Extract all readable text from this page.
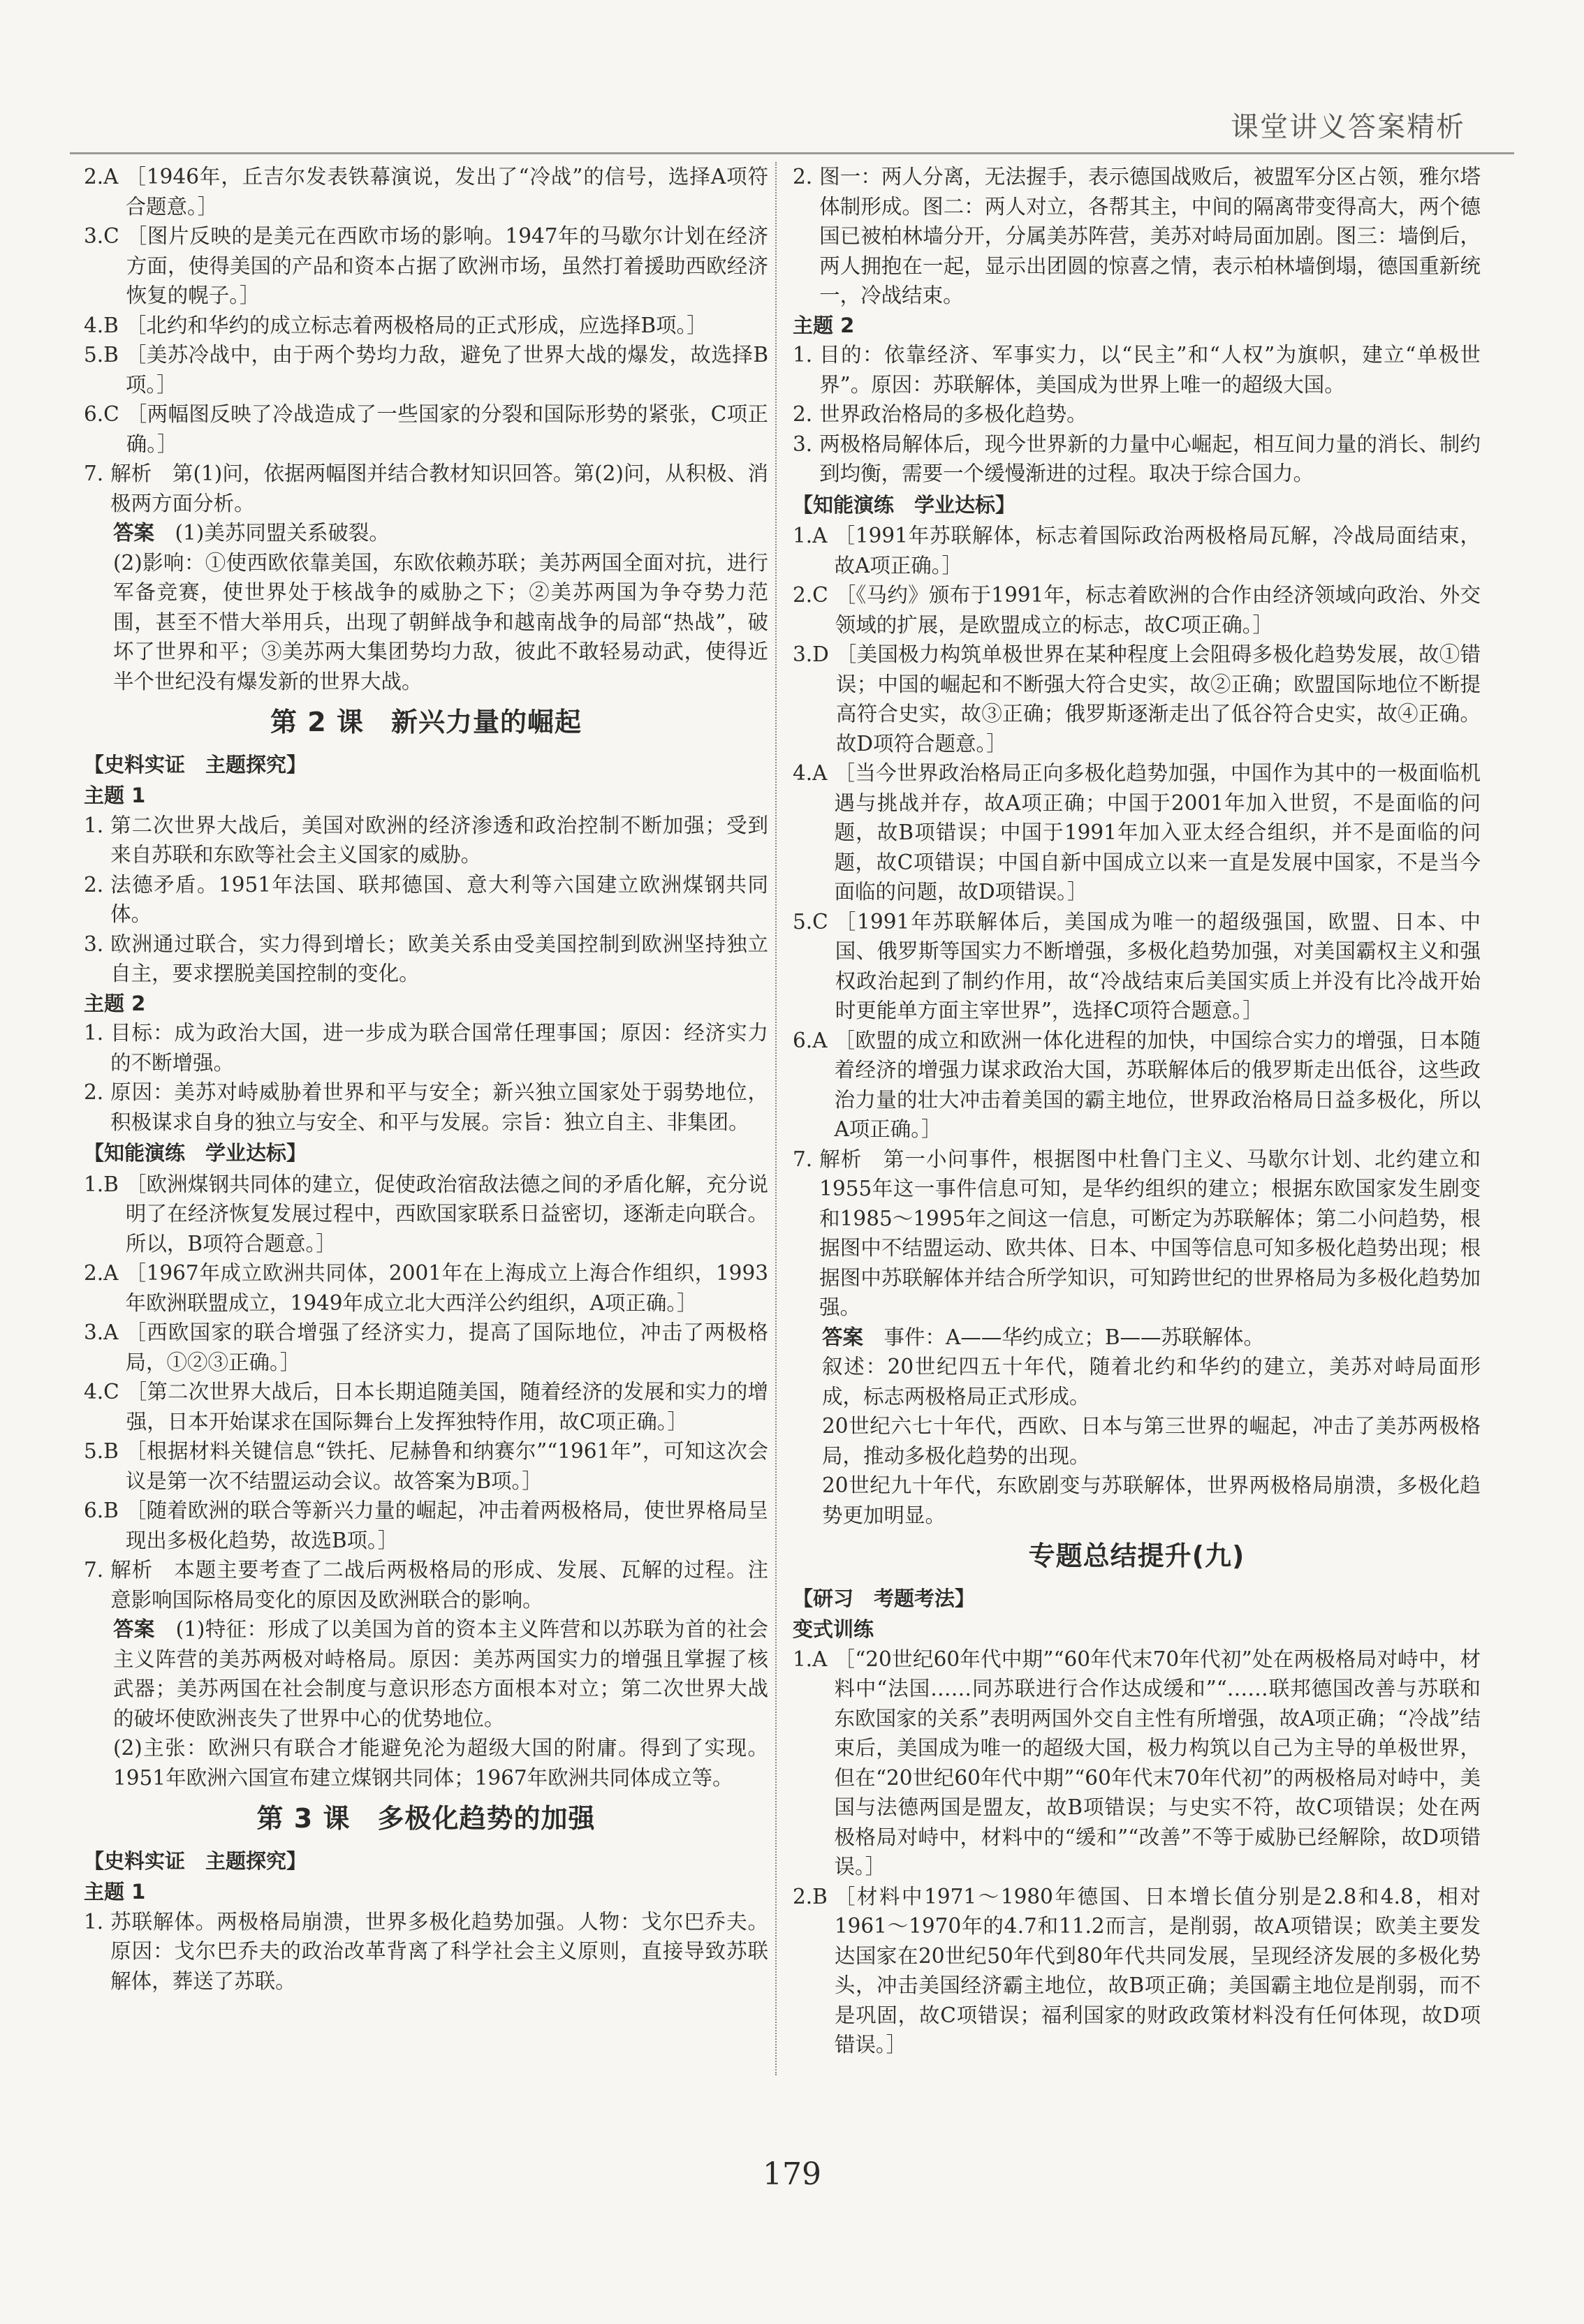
课堂讲义答案精析
2.A ［1946年，丘吉尔发表铁幕演说，发出了“冷战”的信号，选择A项符合题意。］
3.C ［图片反映的是美元在西欧市场的影响。1947年的马歇尔计划在经济方面，使得美国的产品和资本占据了欧洲市场，虽然打着援助西欧经济恢复的幌子。］
4.B ［北约和华约的成立标志着两极格局的正式形成，应选择B项。］
5.B ［美苏冷战中，由于两个势均力敌，避免了世界大战的爆发，故选择B项。］
6.C ［两幅图反映了冷战造成了一些国家的分裂和国际形势的紧张，C项正确。］
7. 解析　第(1)问，依据两幅图并结合教材知识回答。第(2)问，从积极、消极两方面分析。

答案　 (1)美苏同盟关系破裂。

(2)影响：①使西欧依靠美国，东欧依赖苏联；美苏两国全面对抗，进行军备竞赛，使世界处于核战争的威胁之下；②美苏两国为争夺势力范围，甚至不惜大举用兵，出现了朝鲜战争和越南战争的局部“热战”，破坏了世界和平；③美苏两大集团势均力敌，彼此不敢轻易动武，使得近半个世纪没有爆发新的世界大战。

第 2 课　新兴力量的崛起
【史料实证　主题探究】
主题 1
1. 第二次世界大战后，美国对欧洲的经济渗透和政治控制不断加强；受到来自苏联和东欧等社会主义国家的威胁。
2. 法德矛盾。1951年法国、联邦德国、意大利等六国建立欧洲煤钢共同体。
3. 欧洲通过联合，实力得到增长；欧美关系由受美国控制到欧洲坚持独立自主，要求摆脱美国控制的变化。
主题 2
1. 目标：成为政治大国，进一步成为联合国常任理事国；原因：经济实力的不断增强。
2. 原因：美苏对峙威胁着世界和平与安全；新兴独立国家处于弱势地位，积极谋求自身的独立与安全、和平与发展。宗旨：独立自主、非集团。
【知能演练　学业达标】
1.B ［欧洲煤钢共同体的建立，促使政治宿敌法德之间的矛盾化解，充分说明了在经济恢复发展过程中，西欧国家联系日益密切，逐渐走向联合。所以，B项符合题意。］
2.A ［1967年成立欧洲共同体，2001年在上海成立上海合作组织，1993年欧洲联盟成立，1949年成立北大西洋公约组织，A项正确。］
3.A ［西欧国家的联合增强了经济实力，提高了国际地位，冲击了两极格局，①②③正确。］
4.C ［第二次世界大战后，日本长期追随美国，随着经济的发展和实力的增强，日本开始谋求在国际舞台上发挥独特作用，故C项正确。］
5.B ［根据材料关键信息“铁托、尼赫鲁和纳赛尔”“1961年”，可知这次会议是第一次不结盟运动会议。故答案为B项。］
6.B ［随着欧洲的联合等新兴力量的崛起，冲击着两极格局，使世界格局呈现出多极化趋势，故选B项。］
7. 解析　本题主要考查了二战后两极格局的形成、发展、瓦解的过程。注意影响国际格局变化的原因及欧洲联合的影响。

答案　 (1)特征：形成了以美国为首的资本主义阵营和以苏联为首的社会主义阵营的美苏两极对峙格局。原因：美苏两国实力的增强且掌握了核武器；美苏两国在社会制度与意识形态方面根本对立；第二次世界大战的破坏使欧洲丧失了世界中心的优势地位。

(2)主张：欧洲只有联合才能避免沦为超级大国的附庸。得到了实现。1951年欧洲六国宣布建立煤钢共同体；1967年欧洲共同体成立等。

第 3 课　多极化趋势的加强
【史料实证　主题探究】
主题 1
1. 苏联解体。两极格局崩溃，世界多极化趋势加强。人物：戈尔巴乔夫。原因：戈尔巴乔夫的政治改革背离了科学社会主义原则，直接导致苏联解体，葬送了苏联。
2. 图一：两人分离，无法握手，表示德国战败后，被盟军分区占领，雅尔塔体制形成。图二：两人对立，各帮其主，中间的隔离带变得高大，两个德国已被柏林墙分开，分属美苏阵营，美苏对峙局面加剧。图三：墙倒后，两人拥抱在一起，显示出团圆的惊喜之情，表示柏林墙倒塌，德国重新统一，冷战结束。
主题 2
1. 目的：依靠经济、军事实力，以“民主”和“人权”为旗帜，建立“单极世界”。原因：苏联解体，美国成为世界上唯一的超级大国。
2. 世界政治格局的多极化趋势。
3. 两极格局解体后，现今世界新的力量中心崛起，相互间力量的消长、制约到均衡，需要一个缓慢渐进的过程。取决于综合国力。
【知能演练　学业达标】
1.A ［1991年苏联解体，标志着国际政治两极格局瓦解，冷战局面结束，故A项正确。］
2.C ［《马约》颁布于1991年，标志着欧洲的合作由经济领域向政治、外交领域的扩展，是欧盟成立的标志，故C项正确。］
3.D ［美国极力构筑单极世界在某种程度上会阻碍多极化趋势发展，故①错误；中国的崛起和不断强大符合史实，故②正确；欧盟国际地位不断提高符合史实，故③正确；俄罗斯逐渐走出了低谷符合史实，故④正确。故D项符合题意。］
4.A ［当今世界政治格局正向多极化趋势加强，中国作为其中的一极面临机遇与挑战并存，故A项正确；中国于2001年加入世贸，不是面临的问题，故B项错误；中国于1991年加入亚太经合组织，并不是面临的问题，故C项错误；中国自新中国成立以来一直是发展中国家，不是当今面临的问题，故D项错误。］
5.C ［1991年苏联解体后，美国成为唯一的超级强国，欧盟、日本、中国、俄罗斯等国实力不断增强，多极化趋势加强，对美国霸权主义和强权政治起到了制约作用，故“冷战结束后美国实质上并没有比冷战开始时更能单方面主宰世界”，选择C项符合题意。］
6.A ［欧盟的成立和欧洲一体化进程的加快，中国综合实力的增强，日本随着经济的增强力谋求政治大国，苏联解体后的俄罗斯走出低谷，这些政治力量的壮大冲击着美国的霸主地位，世界政治格局日益多极化，所以A项正确。］
7. 解析　第一小问事件，根据图中杜鲁门主义、马歇尔计划、北约建立和1955年这一事件信息可知，是华约组织的建立；根据东欧国家发生剧变和1985～1995年之间这一信息，可断定为苏联解体；第二小问趋势，根据图中不结盟运动、欧共体、日本、中国等信息可知多极化趋势出现；根据图中苏联解体并结合所学知识，可知跨世纪的世界格局为多极化趋势加强。

答案　 事件：A——华约成立；B——苏联解体。

叙述：20世纪四五十年代，随着北约和华约的建立，美苏对峙局面形成，标志两极格局正式形成。

20世纪六七十年代，西欧、日本与第三世界的崛起，冲击了美苏两极格局，推动多极化趋势的出现。

20世纪九十年代，东欧剧变与苏联解体，世界两极格局崩溃，多极化趋势更加明显。

专题总结提升(九)
【研习　考题考法】
变式训练
1.A ［“20世纪60年代中期”“60年代末70年代初”处在两极格局对峙中，材料中“法国……同苏联进行合作达成缓和”“……联邦德国改善与苏联和东欧国家的关系”表明两国外交自主性有所增强，故A项正确；“冷战”结束后，美国成为唯一的超级大国，极力构筑以自己为主导的单极世界，但在“20世纪60年代中期”“60年代末70年代初”的两极格局对峙中，美国与法德两国是盟友，故B项错误；与史实不符，故C项错误；处在两极格局对峙中，材料中的“缓和”“改善”不等于威胁已经解除，故D项错误。］
2.B ［材料中1971～1980年德国、日本增长值分别是2.8和4.8，相对1961～1970年的4.7和11.2而言，是削弱，故A项错误；欧美主要发达国家在20世纪50年代到80年代共同发展，呈现经济发展的多极化势头，冲击美国经济霸主地位，故B项正确；美国霸主地位是削弱，而不是巩固，故C项错误；福利国家的财政政策材料没有任何体现，故D项错误。］
179
